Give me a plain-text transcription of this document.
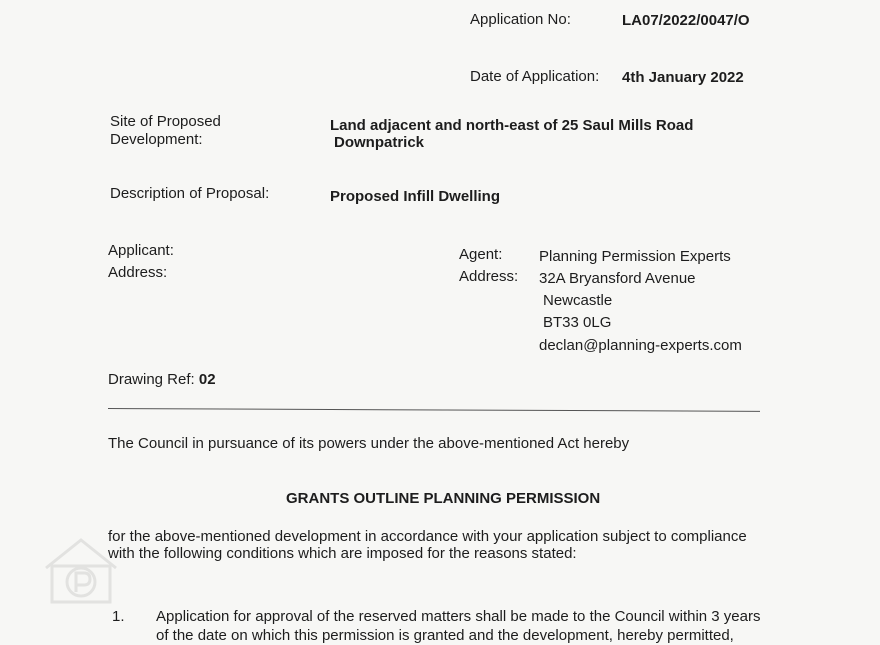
Application No:	LA07/2022/0047/O
Date of Application: 4th January 2022
Site of Proposed
Development:
Land adjacent and north-east of 25 Saul Mills Road
Downpatrick
Description of Proposal:	Proposed Infill Dwelling
Applicant:
Address:
Agent: Planning Permission Experts
Address: 32A Bryansford Avenue
Newcastle
BT33 0LG
declan@planning-experts.com
Drawing Ref: 02
The Council in pursuance of its powers under the above-mentioned Act hereby
GRANTS OUTLINE PLANNING PERMISSION
for the above-mentioned development in accordance with your application subject to compliance
with the following conditions which are imposed for the reasons stated:
1. Application for approval of the reserved matters shall be made to the Council within 3 years
of the date on which this permission is granted and the development, hereby permitted,
